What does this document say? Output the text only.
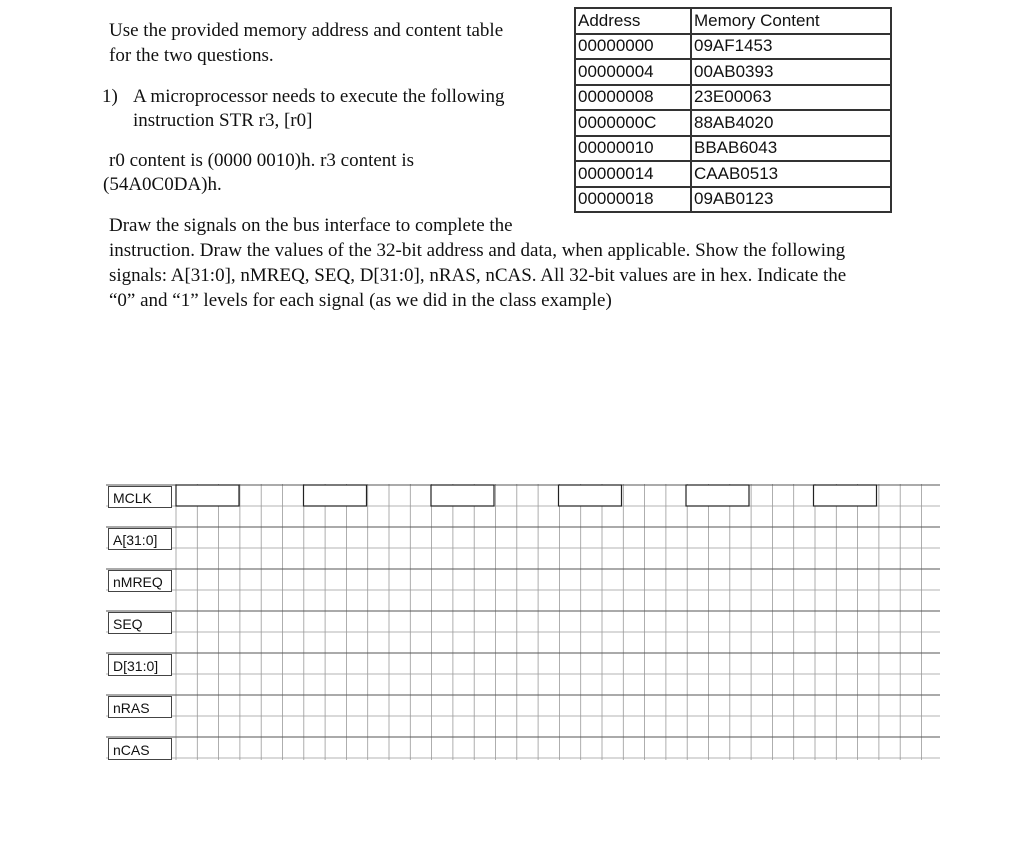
Use the provided memory address and content table
for the two questions.
1) A microprocessor needs to execute the following
instruction STR r3, [r0]
r0 content is (0000 0010)h. r3 content is
(54A0C0DA)h.
Draw the signals on the bus interface to complete the
instruction. Draw the values of the 32-bit address and data, when applicable. Show the following
signals: A[31:0], nMREQ, SEQ, D[31:0], nRAS, nCAS. All 32-bit values are in hex. Indicate the
“0” and “1” levels for each signal (as we did in the class example)
Address	Memory Content
00000000	09AF1453
00000004	00AB0393
00000008	23E00063
0000000C	88AB4020
00000010	BBAB6043
00000014	CAAB0513
00000018	09AB0123
MCLK
A[31:0]
nMREQ
SEQ
D[31:0]
nRAS
nCAS
